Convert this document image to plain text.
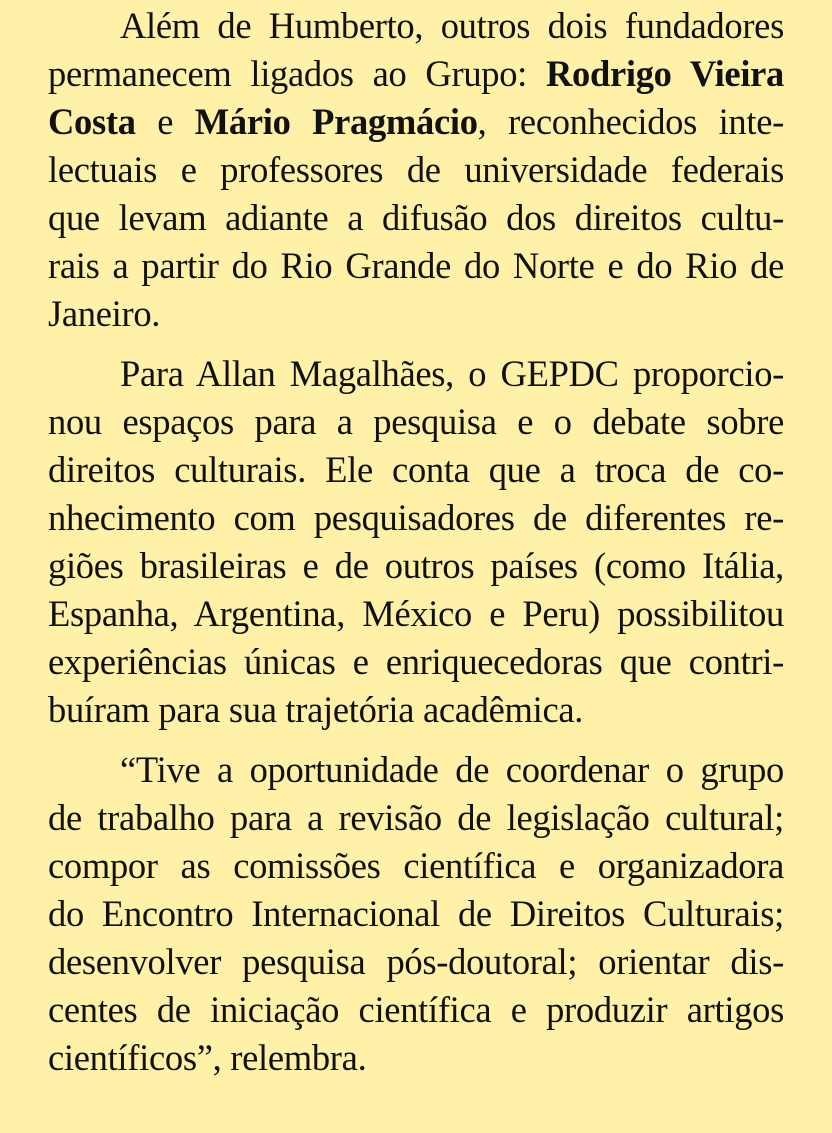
Além de Humberto, outros dois fundadores
permanecem ligados ao Grupo: Rodrigo Vieira
Costa e Mário Pragmácio, reconhecidos inte-
lectuais e professores de universidade federais
que levam adiante a difusão dos direitos cultu-
rais a partir do Rio Grande do Norte e do Rio de
Janeiro.
Para Allan Magalhães, o GEPDC proporcio-
nou espaços para a pesquisa e o debate sobre
direitos culturais. Ele conta que a troca de co-
nhecimento com pesquisadores de diferentes re-
giões brasileiras e de outros países (como Itália,
Espanha, Argentina, México e Peru) possibilitou
experiências únicas e enriquecedoras que contri-
buíram para sua trajetória acadêmica.
“Tive a oportunidade de coordenar o grupo
de trabalho para a revisão de legislação cultural;
compor as comissões científica e organizadora
do Encontro Internacional de Direitos Culturais;
desenvolver pesquisa pós-doutoral; orientar dis-
centes de iniciação científica e produzir artigos
científicos”, relembra.
